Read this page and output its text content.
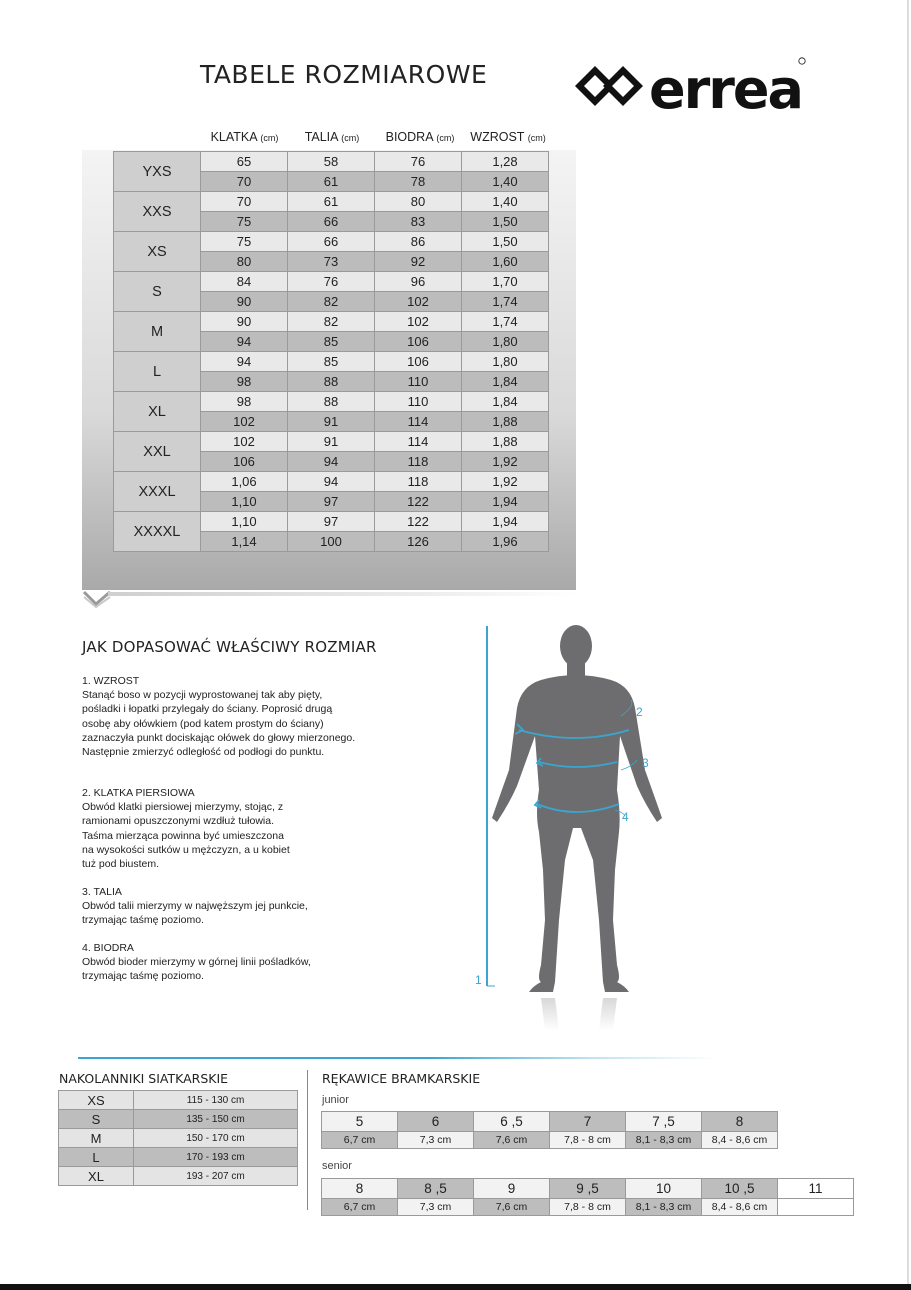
TABELE ROZMIAROWE	errea
KLATKA (cm)	TALIA (cm)	BIODRA (cm)	WZROST (cm)
YXS	65	58	76	1,28
	70	61	78	1,40
XXS	70	61	80	1,40
	75	66	83	1,50
XS	75	66	86	1,50
	80	73	92	1,60
S	84	76	96	1,70
	90	82	102	1,74
M	90	82	102	1,74
	94	85	106	1,80
L	94	85	106	1,80
	98	88	110	1,84
XL	98	88	110	1,84
	102	91	114	1,88
XXL	102	91	114	1,88
	106	94	118	1,92
XXXL	1,06	94	118	1,92
	1,10	97	122	1,94
XXXXL	1,10	97	122	1,94
	1,14	100	126	1,96
JAK DOPASOWAĆ WŁAŚCIWY ROZMIAR
1. WZROST
Stanąć boso w pozycji wyprostowanej tak aby pięty,
pośladki i łopatki przylegały do ściany. Poprosić drugą
osobę aby ołówkiem (pod katem prostym do ściany)
zaznaczyła punkt dociskając ołówek do głowy mierzonego.
Następnie zmierzyć odległość od podłogi do punktu.
2. KLATKA PIERSIOWA
Obwód klatki piersiowej mierzymy, stojąc, z
ramionami opuszczonymi wzdłuż tułowia.
Taśma mierząca powinna być umieszczona
na wysokości sutków u mężczyzn, a u kobiet
tuż pod biustem.
3. TALIA
Obwód talii mierzymy w najwęższym jej punkcie,
trzymając taśmę poziomo.
4. BIODRA
Obwód bioder mierzymy w górnej linii pośladków,
trzymając taśmę poziomo.	1
2
3
4
NAKOLANNIKI SIATKARSKIE
XS	115 - 130 cm
S	135 - 150 cm
M	150 - 170 cm
L	170 - 193 cm
XL	193 - 207 cm
RĘKAWICE BRAMKARSKIE
junior
5	6	6 ,5	7	7 ,5	8
6,7 cm	7,3 cm	7,6 cm	7,8 - 8 cm	8,1 - 8,3 cm	8,4 - 8,6 cm
senior
8	8 ,5	9	9 ,5	10	10 ,5	11
6,7 cm	7,3 cm	7,6 cm	7,8 - 8 cm	8,1 - 8,3 cm	8,4 - 8,6 cm	
